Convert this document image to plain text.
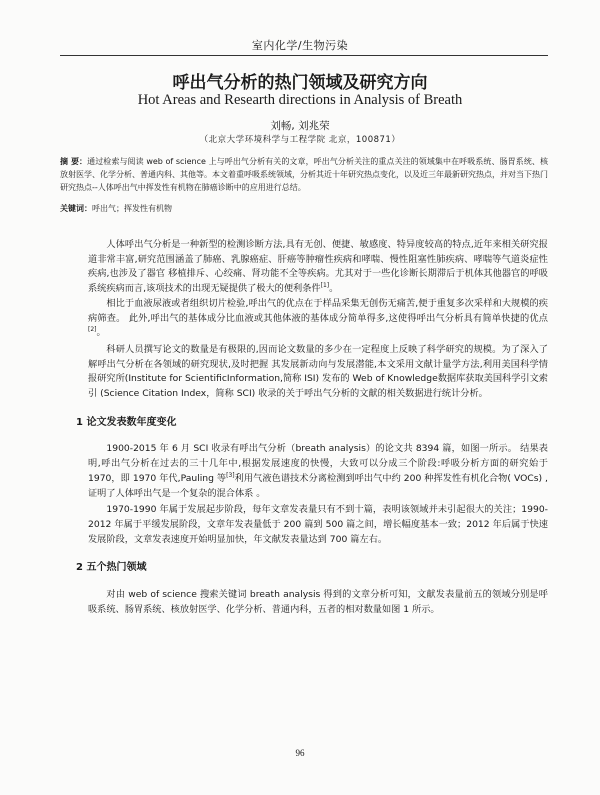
室内化学/生物污染
呼出气分析的热门领域及研究方向
Hot Areas and Researth directions in Analysis of Breath
刘畅, 刘兆荣
（北京大学环境科学与工程学院 北京，100871）
摘 要：通过检索与阅读 web of science 上与呼出气分析有关的文章，呼出气分析关注的重点关注的领域集中在呼吸系统、肠胃系统、核放射医学、化学分析、普通内科、其他等。本文着重呼吸系统领域，分析其近十年研究热点变化，以及近三年最新研究热点，并对当下热门研究热点--人体呼出气中挥发性有机物在肺癌诊断中的应用进行总结。
关键词：呼出气；挥发性有机物

人体呼出气分析是一种新型的检测诊断方法,具有无创、便捷、敏感度、特异度较高的特点,近年来相关研究报道非常丰富,研究范围涵盖了肺癌、乳腺癌症、肝癌等肿瘤性疾病和哮喘、慢性阻塞性肺疾病、哮喘等气道炎症性疾病,也涉及了器官 移植排斥、心绞痛、肾功能不全等疾病。尤其对于一些化诊断长期滞后于机体其他器官的呼吸系统疾病而言,该项技术的出现无疑提供了极大的便利条件[1]。

相比于血液尿液或者组织切片检验,呼出气的优点在于样品采集无创伤无痛苦,便于重复多次采样和大规模的疾病筛查。 此外,呼出气的基体成分比血液或其他体液的基体成分简单得多,这使得呼出气分析具有简单快捷的优点[2]。

科研人员撰写论文的数量是有极限的,因而论文数量的多少在一定程度上反映了科学研究的规模。为了深入了解呼出气分析在各领域的研究现状,及时把握 其发展新动向与发展潜能,本文采用文献计量学方法,利用美国科学情报研究所(Institute for ScientificInformation,简称 ISI) 发布的 Web of Knowledge数据库获取美国科学引文索引 (Science Citation Index，简称 SCI) 收录的关于呼出气分析的文献的相关数据进行统计分析。

1 论文发表数年度变化

1900-2015 年 6 月 SCI 收录有呼出气分析（breath analysis）的论文共 8394 篇，如图一所示。 结果表明,呼出气分析在过去的三十几年中,根据发展速度的快慢，大致可以分成三个阶段:呼吸分析方面的研究始于 1970，即 1970 年代,Pauling 等[3]利用气液色谱技术分离检测到呼出气中约 200 种挥发性有机化合物( VOCs) ,证明了人体呼出气是一个复杂的混合体系 。

1970-1990 年属于发展起步阶段，每年文章发表量只有不到十篇，表明该领域并未引起很大的关注；1990-2012 年属于平缓发展阶段，文章年发表量低于 200 篇到 500 篇之间，增长幅度基本一致；2012 年后属于快速发展阶段，文章发表速度开始明显加快，年文献发表量达到 700 篇左右。

2 五个热门领域

对由 web of science 搜索关键词 breath analysis 得到的文章分析可知，文献发表量前五的领域分别是呼吸系统、肠胃系统、核放射医学、化学分析、普通内科，五者的相对数量如图 1 所示。

96
